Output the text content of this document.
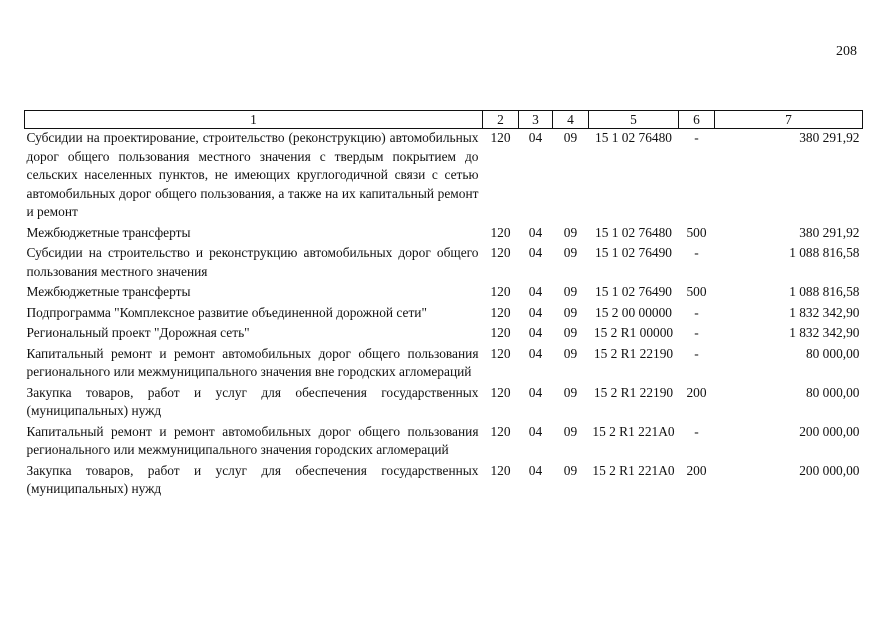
208
1	2	3	4	5	6	7
Субсидии на проектирование, строительство (реконструкцию) автомобильных дорог общего пользования местного значения с твердым покрытием до сельских населенных пунктов, не имеющих круглогодичной связи с сетью автомобильных дорог общего пользования, а также на их капитальный ремонт и ремонт	120	04	09	15 1 02 76480	-	380 291,92
Межбюджетные трансферты	120	04	09	15 1 02 76480	500	380 291,92
Субсидии на строительство и реконструкцию автомобильных дорог общего пользования местного значения	120	04	09	15 1 02 76490	-	1 088 816,58
Межбюджетные трансферты	120	04	09	15 1 02 76490	500	1 088 816,58
Подпрограмма "Комплексное развитие объединенной дорожной сети"	120	04	09	15 2 00 00000	-	1 832 342,90
Региональный проект "Дорожная сеть"	120	04	09	15 2 R1 00000	-	1 832 342,90
Капитальный ремонт и ремонт автомобильных дорог общего пользования регионального или межмуниципального значения вне городских агломераций	120	04	09	15 2 R1 22190	-	80 000,00
Закупка товаров, работ и услуг для обеспечения государственных (муниципальных) нужд	120	04	09	15 2 R1 22190	200	80 000,00
Капитальный ремонт и ремонт автомобильных дорог общего пользования регионального или межмуниципального значения городских агломераций	120	04	09	15 2 R1 221A0	-	200 000,00
Закупка товаров, работ и услуг для обеспечения государственных (муниципальных) нужд	120	04	09	15 2 R1 221A0	200	200 000,00
